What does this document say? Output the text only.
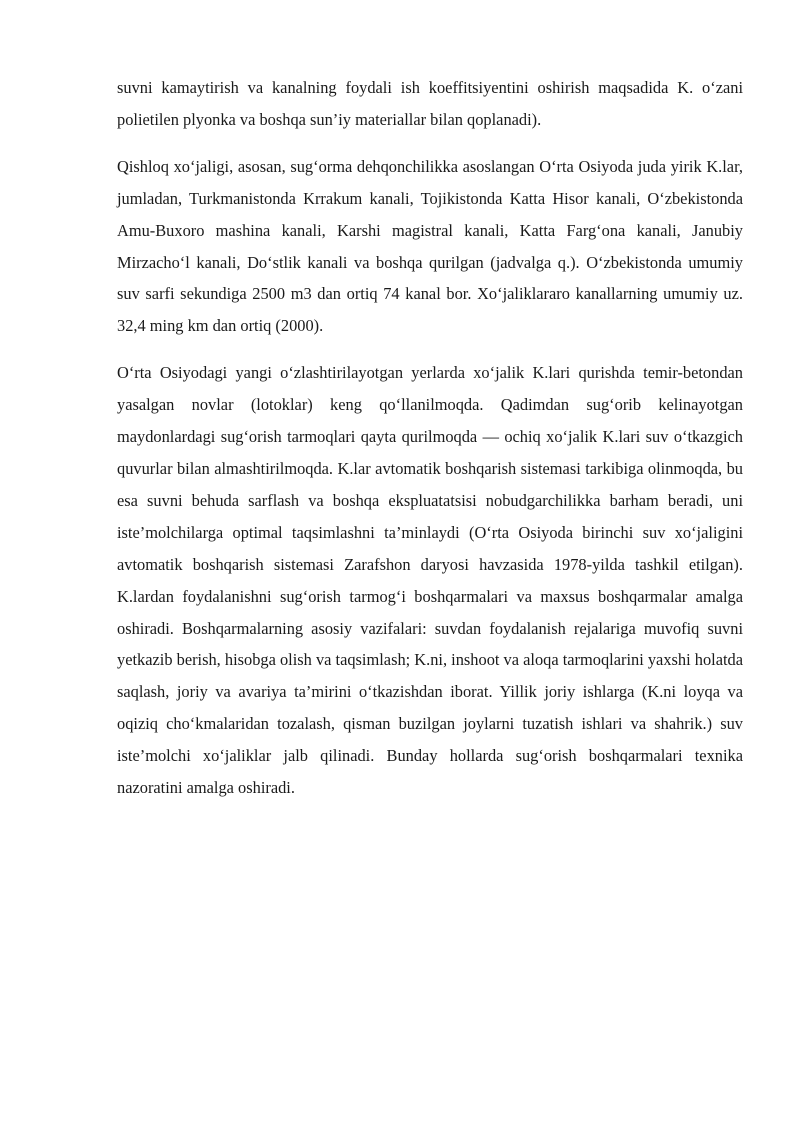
suvni kamaytirish va kanalning foydali ish koeffitsiyentini oshirish maqsadida K. oʻzani polietilen plyonka va boshqa sun’iy materiallar bilan qoplanadi).

Qishloq xoʻjaligi, asosan, sugʻorma dehqonchilikka asoslangan Oʻrta Osiyoda juda yirik K.lar, jumladan, Turkmanistonda Krrakum kanali, Tojikistonda Katta Hisor kanali, Oʻzbekistonda Amu-Buxoro mashina kanali, Karshi magistral kanali, Katta Fargʻona kanali, Janubiy Mirzachoʻl kanali, Doʻstlik kanali va boshqa qurilgan (jadvalga q.). Oʻzbekistonda umumiy suv sarfi sekundiga 2500 m3 dan ortiq 74 kanal bor. Xoʻjaliklararo kanallarning umumiy uz. 32,4 ming km dan ortiq (2000).

Oʻrta Osiyodagi yangi oʻzlashtirilayotgan yerlarda xoʻjalik K.lari qurishda temir-betondan yasalgan novlar (lotoklar) keng qoʻllanilmoqda. Qadimdan sugʻorib kelinayotgan maydonlardagi sugʻorish tarmoqlari qayta qurilmoqda — ochiq xoʻjalik K.lari suv oʻtkazgich quvurlar bilan almashtirilmoqda. K.lar avtomatik boshqarish sistemasi tarkibiga olinmoqda, bu esa suvni behuda sarflash va boshqa ekspluatatsisi nobudgarchilikka barham beradi, uni iste’molchilarga optimal taqsimlashni ta’minlaydi (Oʻrta Osiyoda birinchi suv xoʻjaligini avtomatik boshqarish sistemasi Zarafshon daryosi havzasida 1978-yilda tashkil etilgan). K.lardan foydalanishni sugʻorish tarmogʻi boshqarmalari va maxsus boshqarmalar amalga oshiradi. Boshqarmalarning asosiy vazifalari: suvdan foydalanish rejalariga muvofiq suvni yetkazib berish, hisobga olish va taqsimlash; K.ni, inshoot va aloqa tarmoqlarini yaxshi holatda saqlash, joriy va avariya ta’mirini oʻtkazishdan iborat. Yillik joriy ishlarga (K.ni loyqa va oqiziq choʻkmalaridan tozalash, qisman buzilgan joylarni tuzatish ishlari va shahrik.) suv iste’molchi xoʻjaliklar jalb qilinadi. Bunday hollarda sugʻorish boshqarmalari texnika nazoratini amalga oshiradi.
